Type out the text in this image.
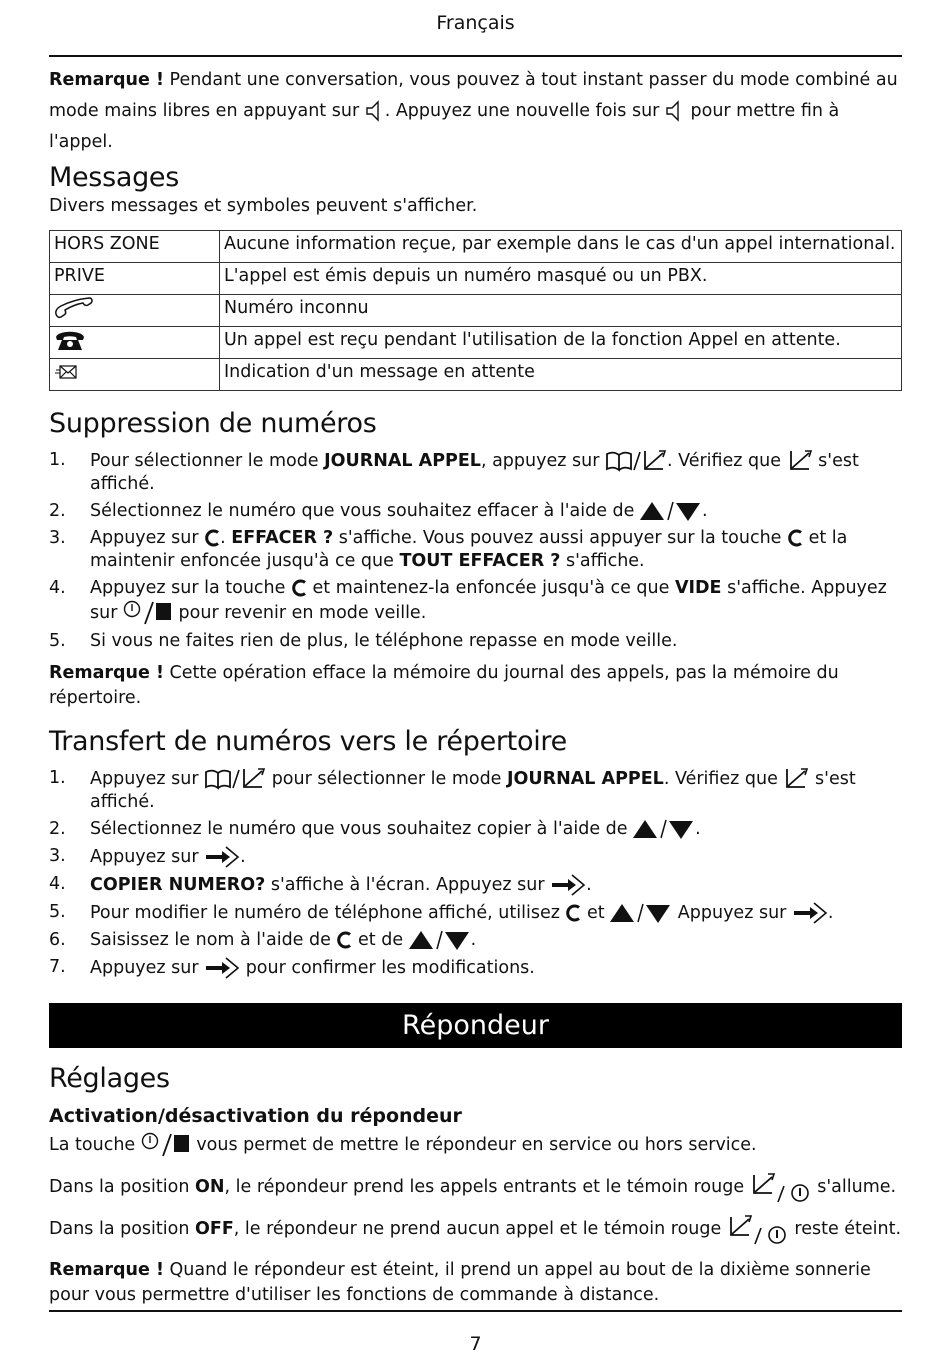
Français

Remarque ! Pendant une conversation, vous pouvez à tout instant passer du mode combiné au mode mains libres en appuyant sur . Appuyez une nouvelle fois sur  pour mettre fin à l'appel.

Messages

Divers messages et symboles peuvent s'afficher.

HORS ZONE	Aucune information reçue, par exemple dans le cas d'un appel international.
PRIVE	L'appel est émis depuis un numéro masqué ou un PBX.
	Numéro inconnu
	Un appel est reçu pendant l'utilisation de la fonction Appel en attente.
	Indication d'un message en attente
Suppression de numéros
1. Pour sélectionner le mode JOURNAL APPEL, appuyez sur	. Vérifiez que  s'est affiché.
2. Sélectionnez le numéro que vous souhaitez effacer à l'aide de	.
3. Appuyez sur . EFFACER ? s'affiche. Vous pouvez aussi appuyer sur la touche  et la maintenir enfoncée jusqu'à ce que TOUT EFFACER ? s'affiche.
4. Appuyez sur la touche  et maintenez-la enfoncée jusqu'à ce que VIDE s'affiche. Appuyez sur	pour revenir en mode veille.
5. Si vous ne faites rien de plus, le téléphone repasse en mode veille.

Remarque ! Cette opération efface la mémoire du journal des appels, pas la mémoire du répertoire.

Transfert de numéros vers le répertoire
1. Appuyez sur	pour sélectionner le mode JOURNAL APPEL. Vérifiez que  s'est affiché.
2. Sélectionnez le numéro que vous souhaitez copier à l'aide de	.
3. Appuyez sur .
4. COPIER NUMERO? s'affiche à l'écran. Appuyez sur .
5. Pour modifier le numéro de téléphone affiché, utilisez  et	Appuyez sur .
6. Saisissez le nom à l'aide de  et de	.
7. Appuyez sur  pour confirmer les modifications.
Répondeur
Réglages
Activation/désactivation du répondeur

La touche	vous permet de mettre le répondeur en service ou hors service.

Dans la position ON, le répondeur prend les appels entrants et le témoin rouge	s'allume.

Dans la position OFF, le répondeur ne prend aucun appel et le témoin rouge	reste éteint.

Remarque ! Quand le répondeur est éteint, il prend un appel au bout de la dixième sonnerie pour vous permettre d'utiliser les fonctions de commande à distance.

7
